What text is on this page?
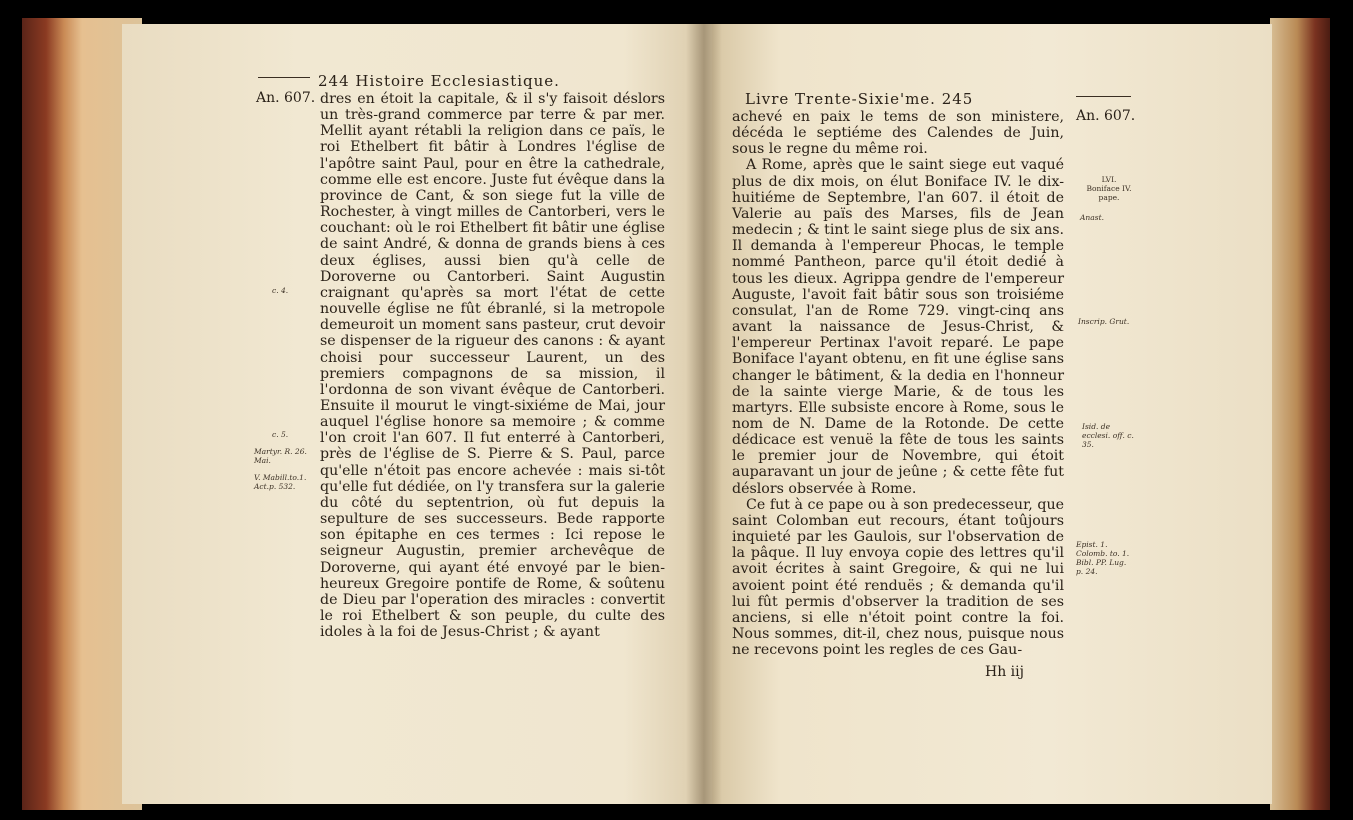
244 Histoire Ecclesiastique.
An. 607.
c. 4.
c. 5.
Martyr. R. 26. Mai.
V. Mabill.to.1. Act.p. 532.

dres en étoit la capitale, & il s'y faisoit déslors un très-grand commerce par terre & par mer. Mellit ayant rétabli la religion dans ce païs, le roi Ethelbert fit bâtir à Londres l'église de l'apôtre saint Paul, pour en être la cathedrale, comme elle est encore. Juste fut évêque dans la province de Cant, & son siege fut la ville de Rochester, à vingt milles de Cantorberi, vers le couchant: où le roi Ethelbert fit bâtir une église de saint André, & donna de grands biens à ces deux églises, aussi bien qu'à celle de Doroverne ou Cantorberi. Saint Augustin craignant qu'après sa mort l'état de cette nouvelle église ne fût ébranlé, si la metropole demeuroit un moment sans pasteur, crut devoir se dispenser de la rigueur des canons : & ayant choisi pour successeur Laurent, un des premiers compagnons de sa mission, il l'ordonna de son vivant évêque de Cantorberi. Ensuite il mourut le vingt-sixiéme de Mai, jour auquel l'église honore sa memoire ; & comme l'on croit l'an 607. Il fut enterré à Cantorberi, près de l'église de S. Pierre & S. Paul, parce qu'elle n'étoit pas encore achevée : mais si-tôt qu'elle fut dédiée, on l'y transfera sur la galerie du côté du septentrion, où fut depuis la sepulture de ses successeurs. Bede rapporte son épitaphe en ces termes : Ici repose le seigneur Augustin, premier archevêque de Doroverne, qui ayant été envoyé par le bien-heureux Gregoire pontife de Rome, & soûtenu de Dieu par l'operation des miracles : convertit le roi Ethelbert & son peuple, du culte des idoles à la foi de Jesus-Christ ; & ayant

Livre Trente-Sixie'me. 245
An. 607.
LVI. Boniface IV. pape.
Anast.
Inscrip. Grut.
Isid. de ecclesi. off. c. 35.
Epist. 1. Colomb. to. 1. Bibl. PP. Lug. p. 24.

achevé en paix le tems de son ministere, décéda le septiéme des Calendes de Juin, sous le regne du même roi.

A Rome, après que le saint siege eut vaqué plus de dix mois, on élut Boniface IV. le dix-huitiéme de Septembre, l'an 607. il étoit de Valerie au païs des Marses, fils de Jean medecin ; & tint le saint siege plus de six ans. Il demanda à l'empereur Phocas, le temple nommé Pantheon, parce qu'il étoit dedié à tous les dieux. Agrippa gendre de l'empereur Auguste, l'avoit fait bâtir sous son troisiéme consulat, l'an de Rome 729. vingt-cinq ans avant la naissance de Jesus-Christ, & l'empereur Pertinax l'avoit reparé. Le pape Boniface l'ayant obtenu, en fit une église sans changer le bâtiment, & la dedia en l'honneur de la sainte vierge Marie, & de tous les martyrs. Elle subsiste encore à Rome, sous le nom de N. Dame de la Rotonde. De cette dédicace est venuë la fête de tous les saints le premier jour de Novembre, qui étoit auparavant un jour de jeûne ; & cette fête fut déslors observée à Rome.

Ce fut à ce pape ou à son predecesseur, que saint Colomban eut recours, étant toûjours inquieté par les Gaulois, sur l'observation de la pâque. Il luy envoya copie des lettres qu'il avoit écrites à saint Gregoire, & qui ne lui avoient point été renduës ; & demanda qu'il lui fût permis d'observer la tradition de ses anciens, si elle n'étoit point contre la foi. Nous sommes, dit-il, chez nous, puisque nous ne recevons point les regles de ces Gau-

Hh iij
